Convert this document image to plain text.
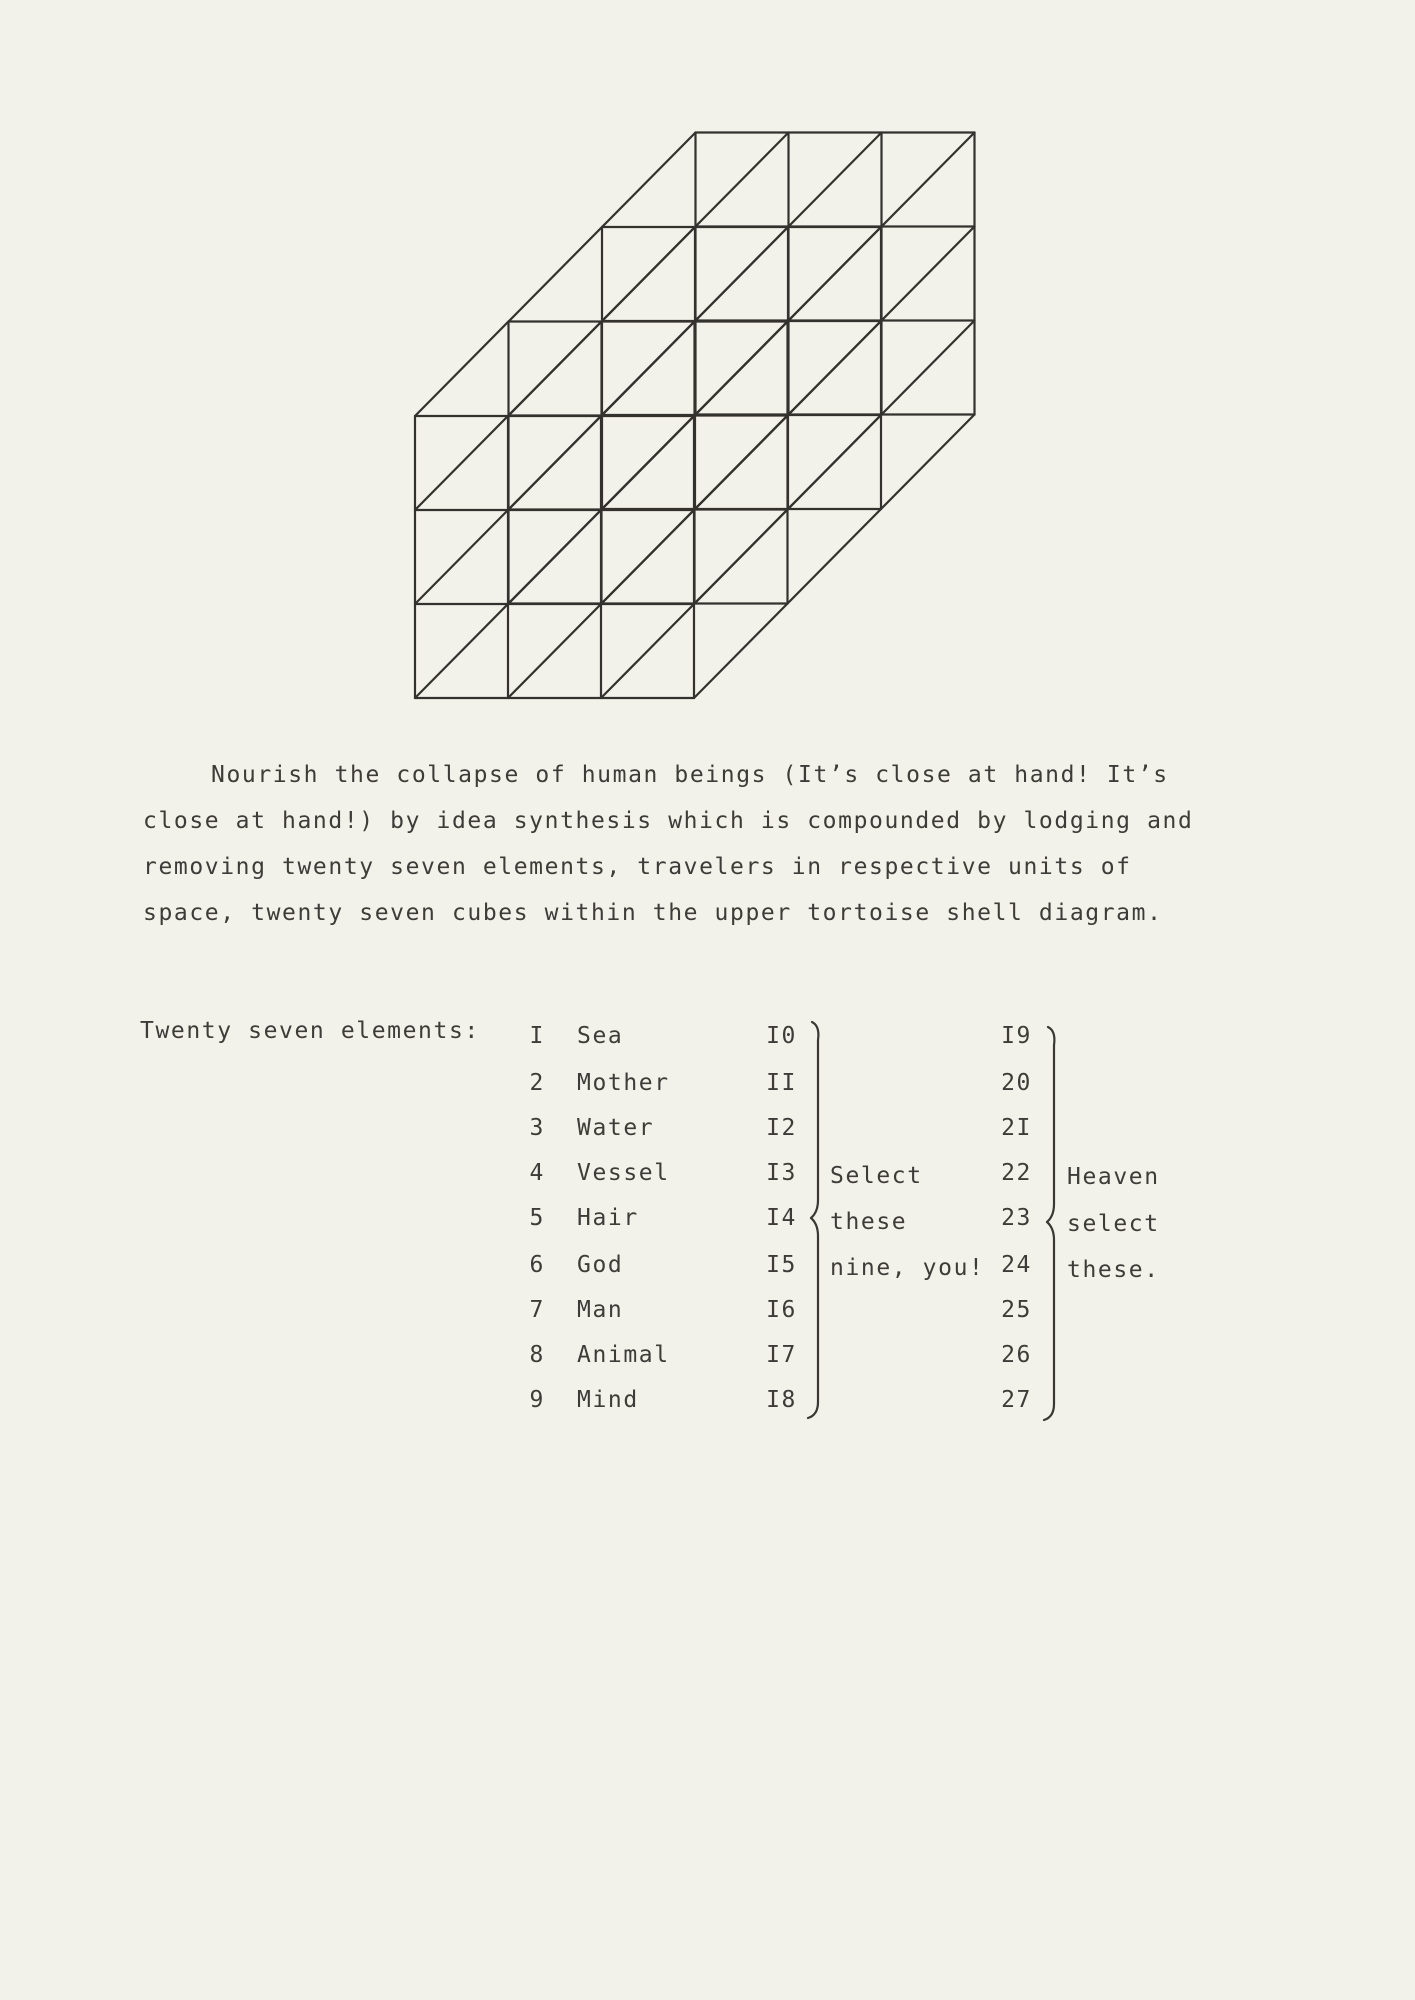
Nourish the collapse of human beings (It’s close at hand! It’s
close at hand!) by idea synthesis which is compounded by lodging and
removing twenty seven elements, travelers in respective units of
space, twenty seven cubes within the upper tortoise shell diagram.
Twenty seven elements:	I Sea	I0	I9
2 Mother	II	20
3 Water	I2	2I
4 Vessel	I3	22
5 Hair	I4	23
6 God	I5	24
7 Man	I6	25
8 Animal	I7	26
9 Mind	I8	27
Select
these
nine, you!
Heaven
select
these.
